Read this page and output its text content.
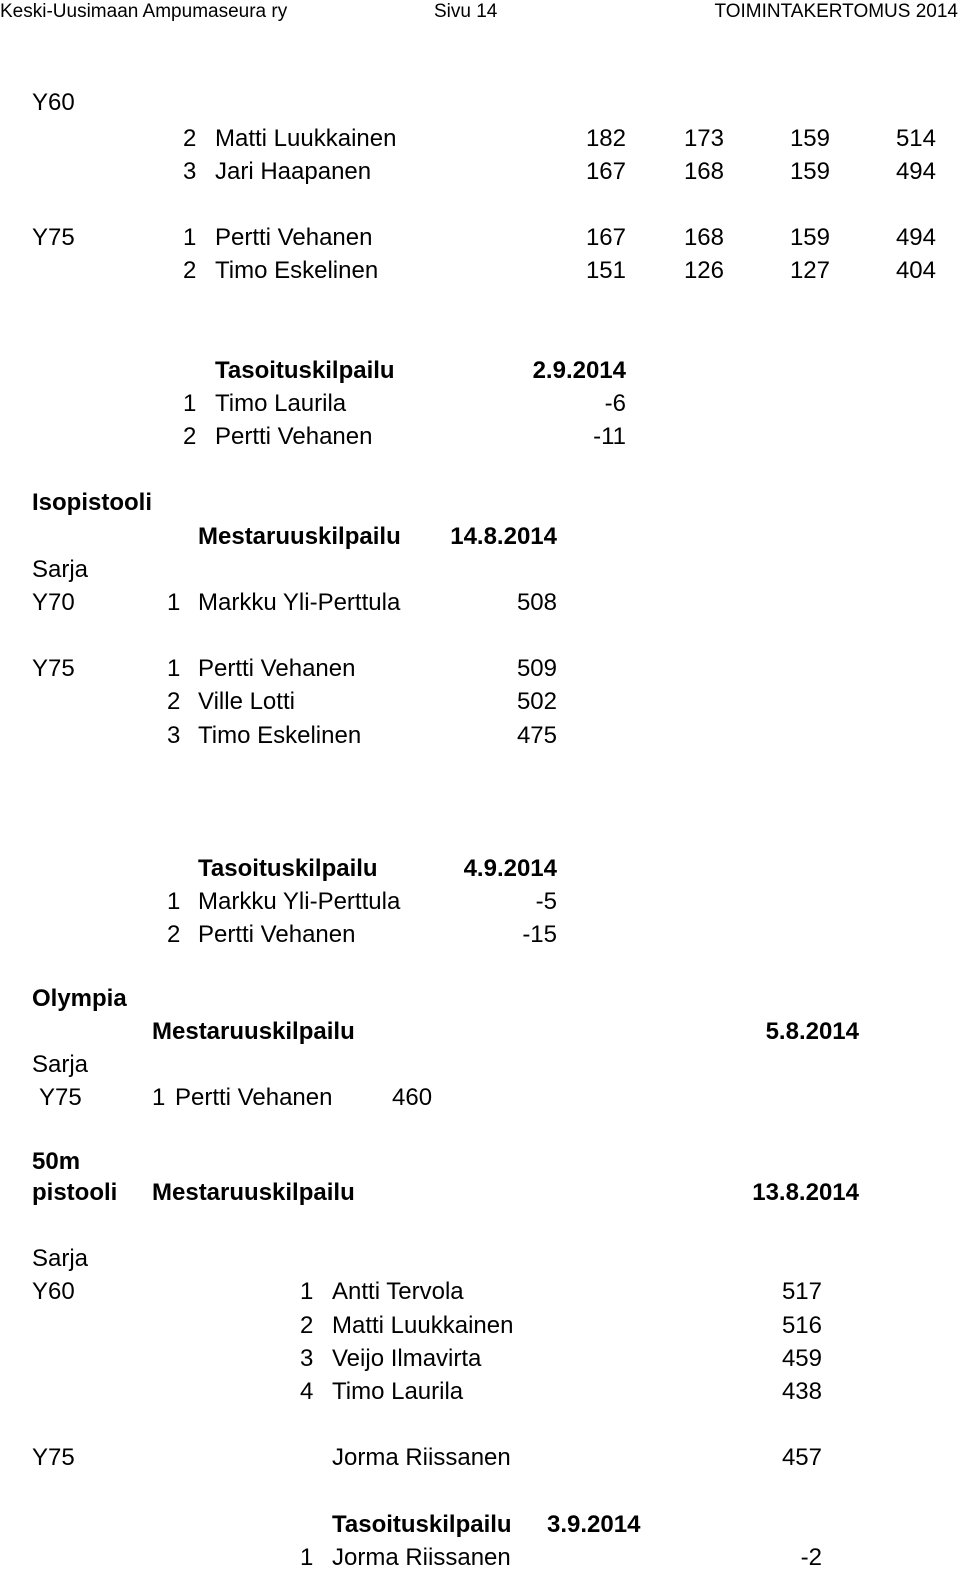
Keski-Uusimaan Ampumaseura ry	Sivu 14	TOIMINTAKERTOMUS 2014
Y60
2 Matti Luukkainen	182 173	159	514
3 Jari Haapanen	167 168	159	494
Y75	1 Pertti Vehanen	167 168	159	494
2 Timo Eskelinen	151 126	127	404
Tasoituskilpailu	2.9.2014
1 Timo Laurila	-6
2 Pertti Vehanen	-11
Isopistooli
Mestaruuskilpailu 14.8.2014
Sarja
Y70	1 Markku Yli-Perttula	508
Y75	1 Pertti Vehanen	509
2 Ville Lotti	502
3 Timo Eskelinen	475
Tasoituskilpailu	4.9.2014
1 Markku Yli-Perttula	-5
2 Pertti Vehanen	-15
Olympia
Mestaruuskilpailu	5.8.2014
Sarja
Y75	1 Pertti Vehanen 460
50m
pistooli Mestaruuskilpailu	13.8.2014
Sarja
Y60	1 Antti Tervola	517
2 Matti Luukkainen	516
3 Veijo Ilmavirta	459
4 Timo Laurila	438
Y75	Jorma Riissanen	457
Tasoituskilpailu 3.9.2014
1 Jorma Riissanen	-2
